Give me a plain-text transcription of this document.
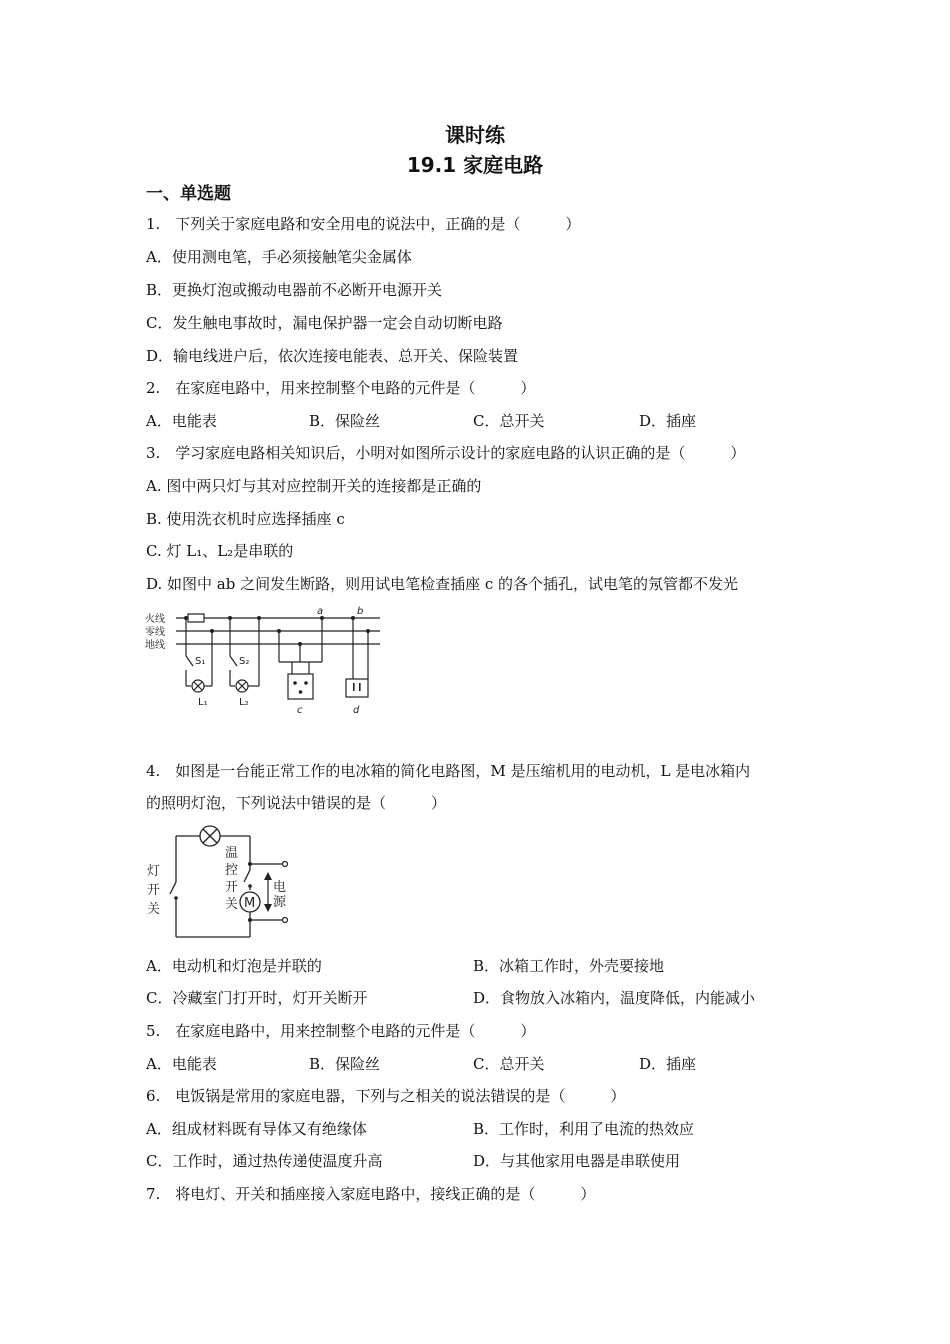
课时练
19.1 家庭电路
一、单选题
1.　下列关于家庭电路和安全用电的说法中，正确的是（　　　）
A．使用测电笔，手必须接触笔尖金属体
B．更换灯泡或搬动电器前不必断开电源开关
C．发生触电事故时，漏电保护器一定会自动切断电路
D．输电线进户后，依次连接电能表、总开关、保险装置
2.　在家庭电路中，用来控制整个电路的元件是（　　　）
A．电能表	B．保险丝	C．总开关	D．插座
3.　学习家庭电路相关知识后，小明对如图所示设计的家庭电路的认识正确的是（　　　）
A. 图中两只灯与其对应控制开关的连接都是正确的
B. 使用洗衣机时应选择插座 c
C. 灯 L₁、L₂是串联的
D. 如图中 ab 之间发生断路，则用试电笔检查插座 c 的各个插孔，试电笔的氖管都不发光
火线
零线
地线
S₁	S₂
L₁	L₂
a	b
c	d
4.　如图是一台能正常工作的电冰箱的简化电路图，M 是压缩机用的电动机，L 是电冰箱内
的照明灯泡，下列说法中错误的是（　　　）
灯
开
关
温
控
开
关 M
电
源
A．电动机和灯泡是并联的	B．冰箱工作时，外壳要接地
C．冷藏室门打开时，灯开关断开	D．食物放入冰箱内，温度降低，内能减小
5.　在家庭电路中，用来控制整个电路的元件是（　　　）
A．电能表	B．保险丝	C．总开关	D．插座
6.　电饭锅是常用的家庭电器，下列与之相关的说法错误的是（　　　）
A．组成材料既有导体又有绝缘体	B．工作时，利用了电流的热效应
C．工作时，通过热传递使温度升高	D．与其他家用电器是串联使用
7.　将电灯、开关和插座接入家庭电路中，接线正确的是（　　　）
